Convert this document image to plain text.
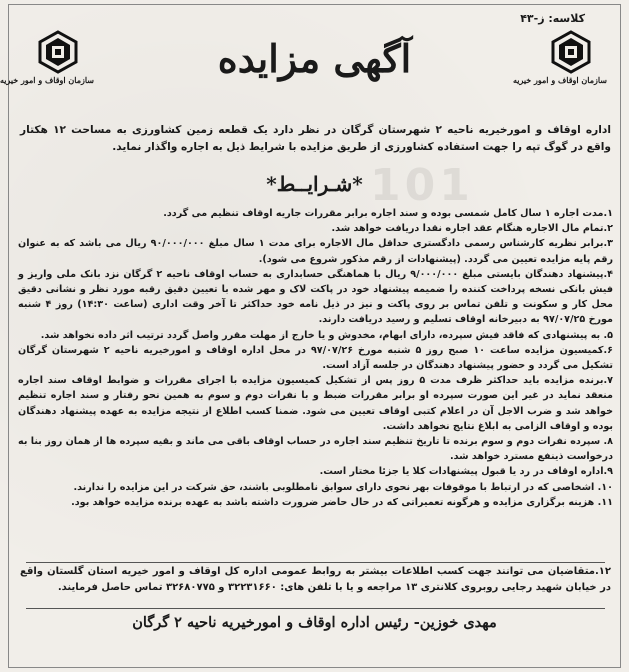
کلاسه: ز-۴۳
سازمان اوقاف و امور خیریه	سازمان اوقاف و امور خیریه
آگهی مزایده
101
اداره اوقاف و امورخیریه ناحیه ۲ شهرستان گرگان در نظر دارد یک قطعه زمین کشاورزی به مساحت ۱۲ هکتار واقع در گوگ تپه را جهت استفاده کشاورزی از طریق مزایده با شرایط ذیل به اجاره واگذار نماید.
*شـرایــط*
۱.مدت اجاره ۱ سال کامل شمسی بوده و سند اجاره برابر مقررات جاریه اوقاف تنظیم می گردد.
۲.تمام مال الاجاره هنگام عقد اجاره نقدا دریافت خواهد شد.
۳.برابر نظریه کارشناس رسمی دادگستری حداقل مال الاجاره برای مدت ۱ سال مبلغ ۹۰/۰۰۰/۰۰۰ ریال می باشد که به عنوان رقم پایه مزایده تعیین می گردد. (پیشنهادات از رقم مذکور شروع می شود).
۴.پیشنهاد دهندگان بایستی مبلغ ۹/۰۰۰/۰۰۰ ریال با هماهنگی حسابداری به حساب اوقاف ناحیه ۲ گرگان نزد بانک ملی واریز و فیش بانکی نسخه پرداخت کننده را ضمیمه پیشنهاد خود در پاکت لاک و مهر شده با تعیین دقیق رقبه مورد نظر و نشانی دقیق محل کار و سکونت و تلفن تماس بر روی پاکت و نیز در ذیل نامه خود حداکثر تا آخر وقت اداری (ساعت ۱۴:۳۰) روز ۴ شنبه مورخ ۹۷/۰۷/۲۵ به دبیرخانه اوقاف تسلیم و رسید دریافت دارند.
۵. به پیشنهادی که فاقد فیش سپرده، دارای ابهام، مخدوش و یا خارج از مهلت مقرر واصل گردد ترتیب اثر داده نخواهد شد.
۶.کمیسیون مزایده ساعت ۱۰ صبح روز ۵ شنبه مورخ ۹۷/۰۷/۲۶ در محل اداره اوقاف و امورخیریه ناحیه ۲ شهرستان گرگان تشکیل می گردد و حضور پیشنهاد دهندگان در جلسه آزاد است.
۷.برنده مزایده باید حداکثر ظرف مدت ۵ روز پس از تشکیل کمیسیون مزایده با اجرای مقررات و ضوابط اوقاف سند اجاره منعقد نماید در غیر این صورت سپرده او برابر مقررات ضبط و با نفرات دوم و سوم به همین نحو رفتار و سند اجاره تنظیم خواهد شد و ضرب الاجل آن در اعلام کتبی اوقاف تعیین می شود. ضمنا کسب اطلاع از نتیجه مزایده به عهده پیشنهاد دهندگان بوده و اوقاف الزامی به ابلاغ نتایج نخواهد داشت.
۸. سپرده نفرات دوم و سوم برنده تا تاریخ تنظیم سند اجاره در حساب اوقاف باقی می ماند و بقیه سپرده ها از همان روز بنا به درخواست ذینفع مسترد خواهد شد.
۹.اداره اوقاف در رد یا قبول پیشنهادات کلا یا جزئا مختار است.
۱۰. اشخاصی که در ارتباط با موقوفات بهر نحوی دارای سوابق نامطلوبی باشند، حق شرکت در این مزایده را ندارند.
۱۱. هزینه برگزاری مزایده و هرگونه تعمیراتی که در حال حاضر ضرورت داشته باشد به عهده برنده مزایده خواهد بود.
۱۲.متقاضیان می توانند جهت کسب اطلاعات بیشتر به روابط عمومی اداره کل اوقاف و امور خیریه استان گلستان واقع در خیابان شهید رجایی روبروی کلانتری ۱۳ مراجعه و یا با تلفن های: ۳۲۲۳۱۶۶۰ و ۳۲۶۸۰۷۷۵ تماس حاصل فرمایند.
مهدی خوزین- رئیس اداره اوقاف و امورخیریه ناحیه ۲ گرگان
